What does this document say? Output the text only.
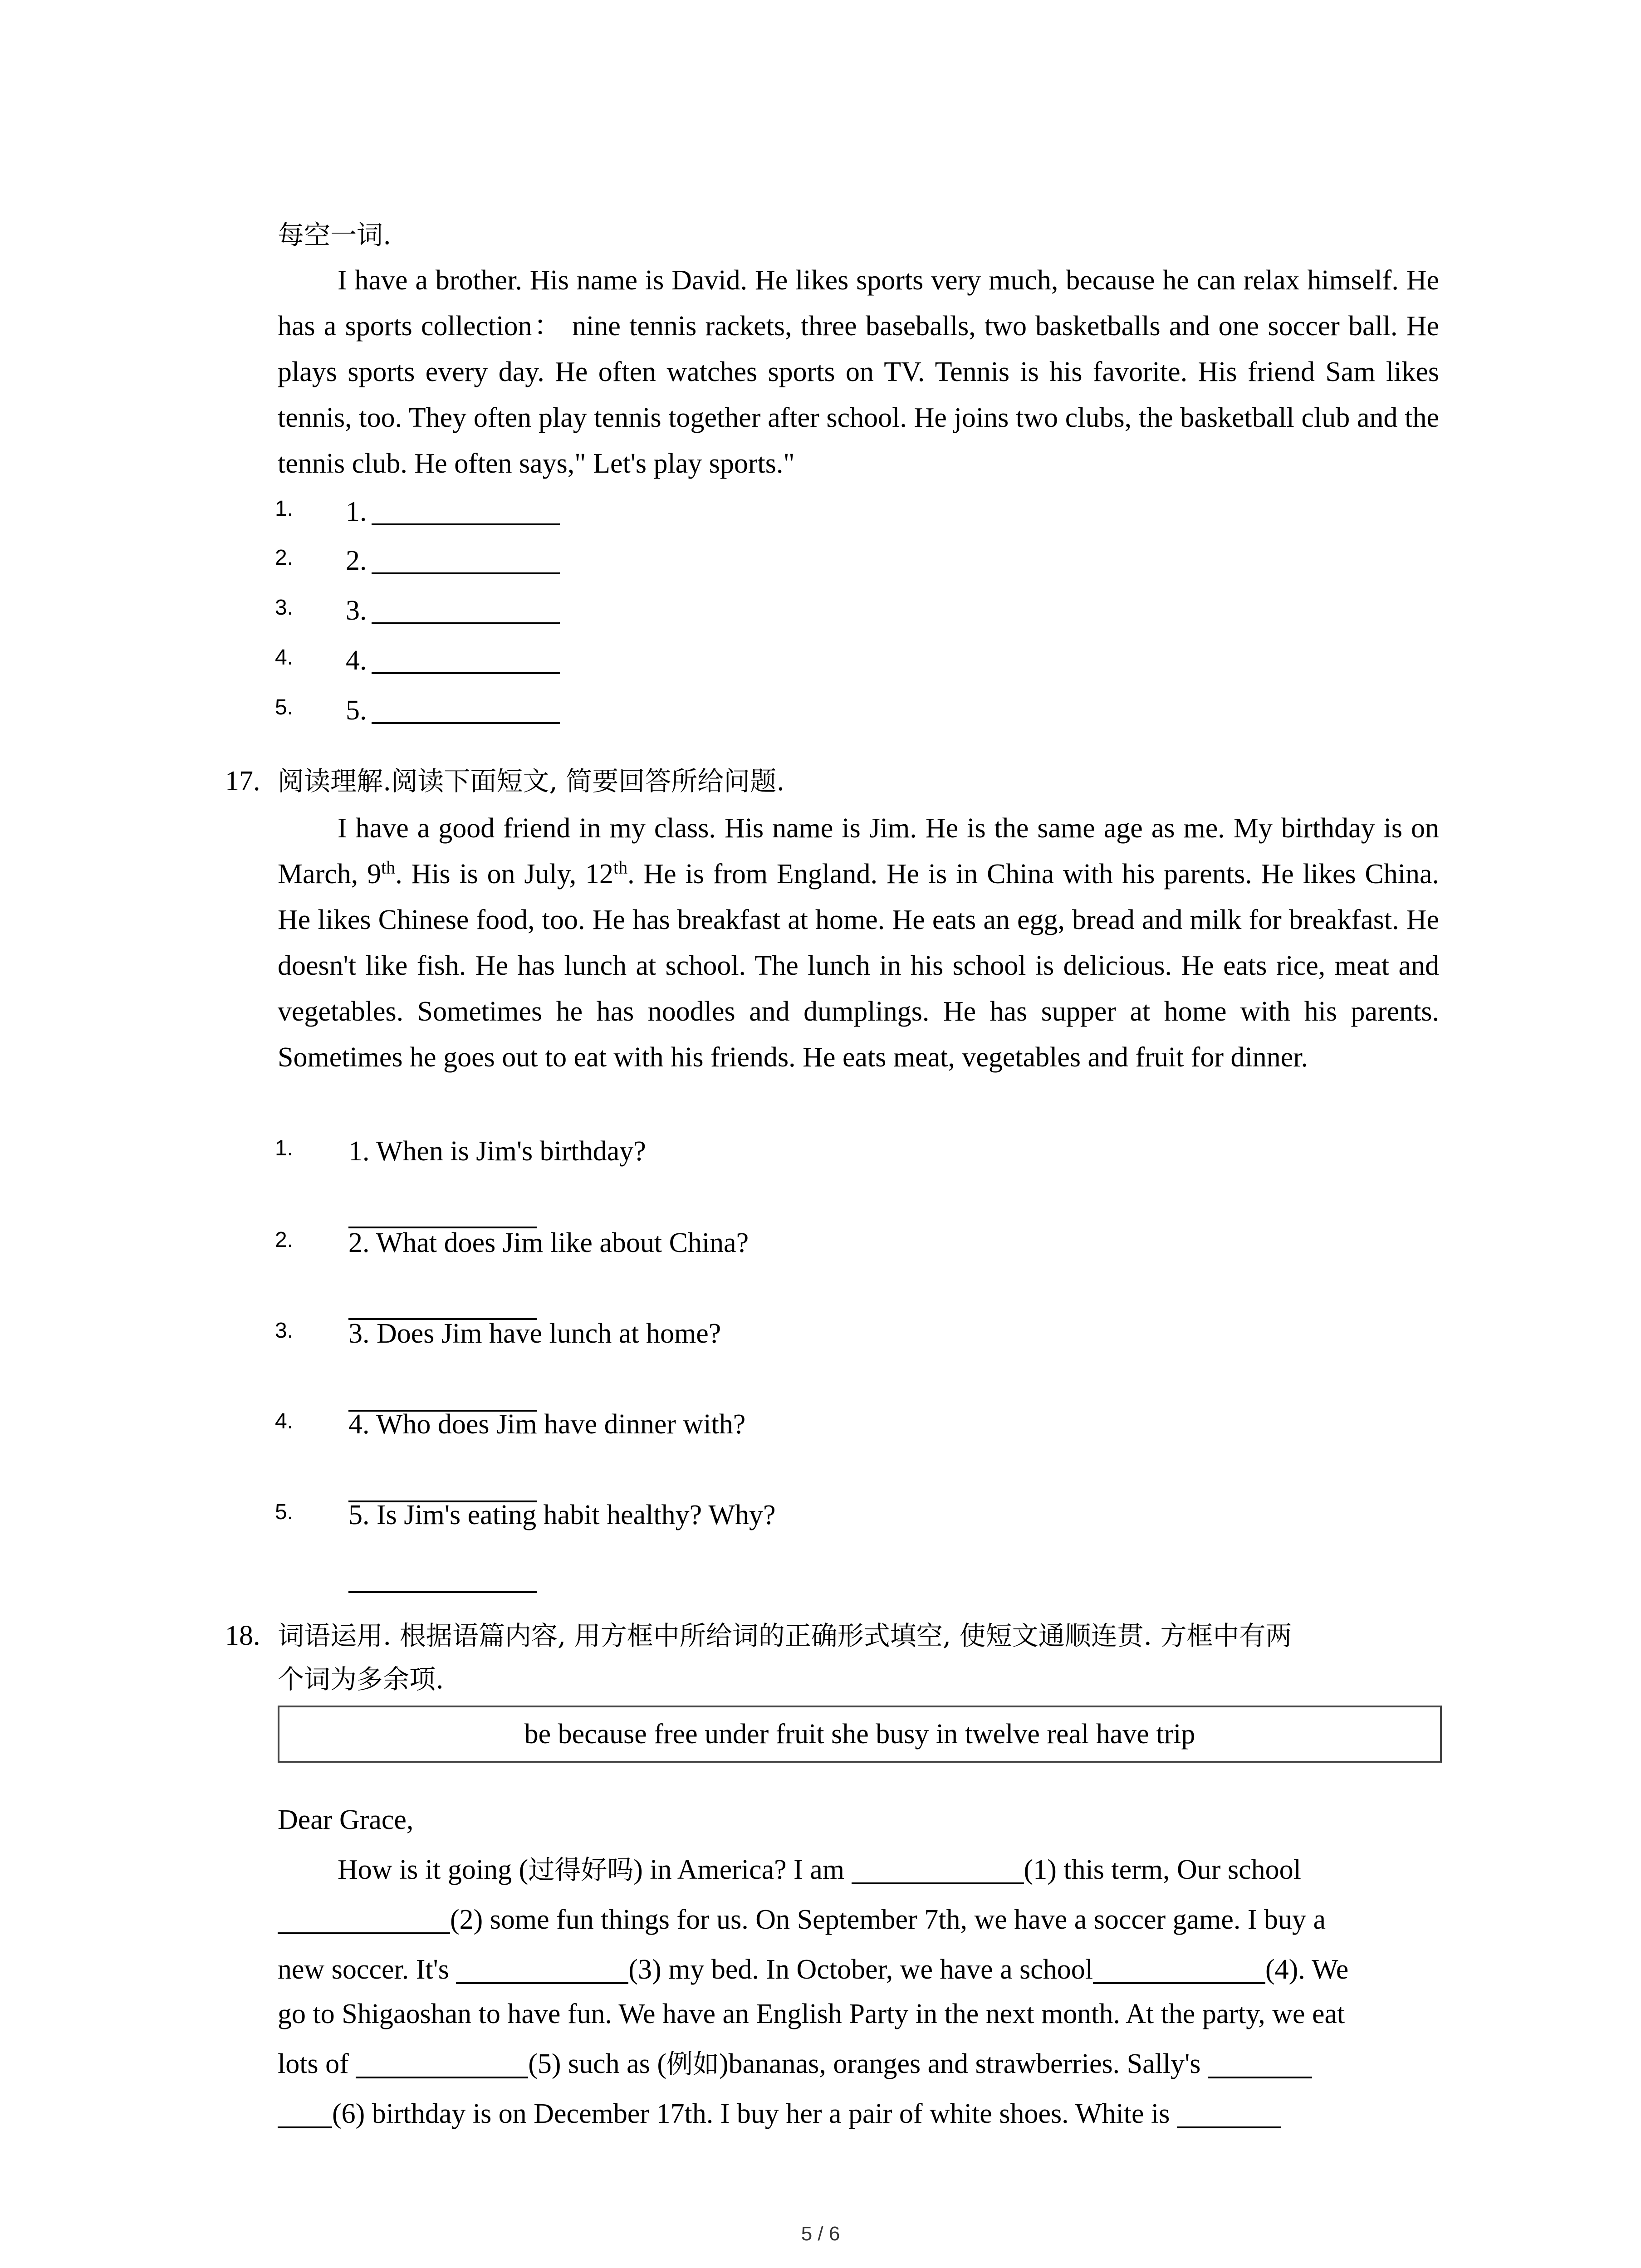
每空一词.
I have a brother. His name is David. He likes sports very much, because he can relax himself. He has a sports collection： nine tennis rackets, three baseballs, two basketballs and one soccer ball. He plays sports every day. He often watches sports on TV. Tennis is his favorite. His friend Sam likes tennis, too. They often play tennis together after school. He joins two clubs, the basketball club and the tennis club. He often says," Let's play sports."
1. 1.
2. 2.
3. 3.
4. 4.
5. 5.
17. 阅读理解.阅读下面短文, 简要回答所给问题.
I have a good friend in my class. His name is Jim. He is the same age as me. My birthday is on March, 9th. His is on July, 12th. He is from England. He is in China with his parents. He likes China. He likes Chinese food, too. He has breakfast at home. He eats an egg, bread and milk for breakfast. He doesn't like fish. He has lunch at school. The lunch in his school is delicious. He eats rice, meat and vegetables. Sometimes he has noodles and dumplings. He has supper at home with his parents. Sometimes he goes out to eat with his friends. He eats meat, vegetables and fruit for dinner.
1. 1. When is Jim's birthday?
2. 2. What does Jim like about China?
3. 3. Does Jim have lunch at home?
4. 4. Who does Jim have dinner with?
5. 5. Is Jim's eating habit healthy? Why?
18. 词语运用. 根据语篇内容, 用方框中所给词的正确形式填空, 使短文通顺连贯. 方框中有两
个词为多余项.
be because free under fruit she busy in twelve real have trip
Dear Grace,
How is it going (过得好吗) in America? I am	(1) this term, Our school
(2) some fun things for us. On September 7th, we have a soccer game. I buy a
new soccer. It's	(3) my bed. In October, we have a school	(4). We
go to Shigaoshan to have fun. We have an English Party in the next month. At the party, we eat
lots of	(5) such as (例如)bananas, oranges and strawberries. Sally's
(6) birthday is on December 17th. I buy her a pair of white shoes. White is
5 / 6
